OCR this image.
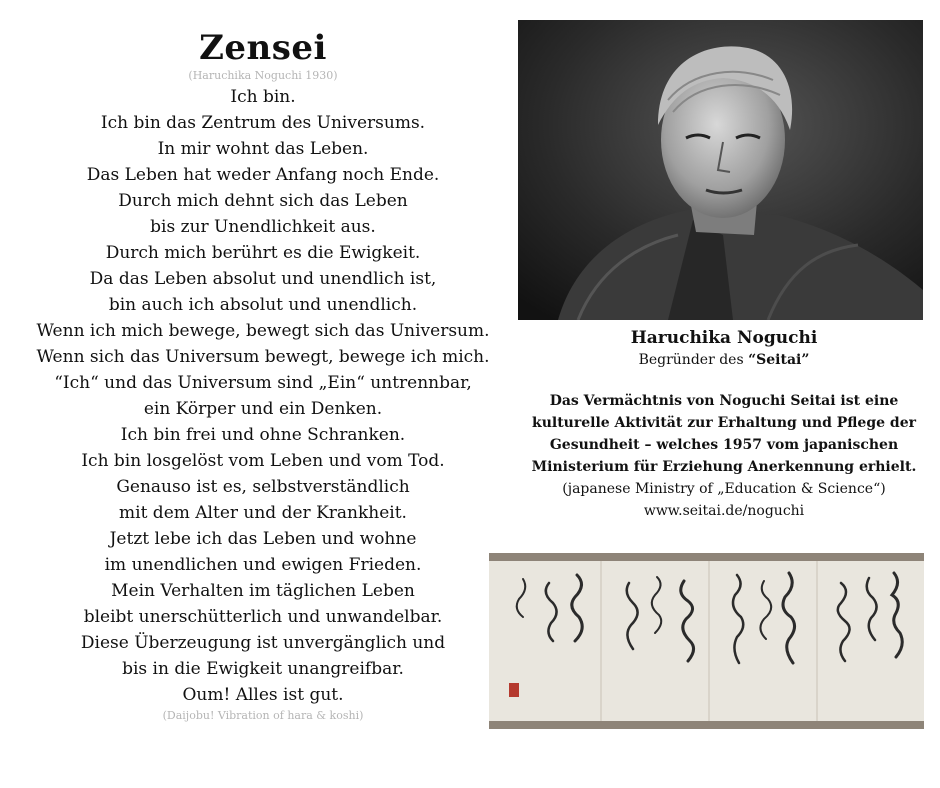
Zensei
(Haruchika Noguchi 1930)
Ich bin.
Ich bin das Zentrum des Universums.
In mir wohnt das Leben.
Das Leben hat weder Anfang noch Ende.
Durch mich dehnt sich das Leben
bis zur Unendlichkeit aus.
Durch mich berührt es die Ewigkeit.
Da das Leben absolut und unendlich ist,
bin auch ich absolut und unendlich.
Wenn ich mich bewege, bewegt sich das Universum.
Wenn sich das Universum bewegt, bewege ich mich.
“Ich“ und das Universum sind „Ein“ untrennbar,
ein Körper und ein Denken.
Ich bin frei und ohne Schranken.
Ich bin losgelöst vom Leben und vom Tod.
Genauso ist es, selbstverständlich
mit dem Alter und der Krankheit.
Jetzt lebe ich das Leben und wohne
im unendlichen und ewigen Frieden.
Mein Verhalten im täglichen Leben
bleibt unerschütterlich und unwandelbar.
Diese Überzeugung ist unvergänglich und
bis in die Ewigkeit unangreifbar.
Oum! Alles ist gut.
(Daijobu! Vibration of hara & koshi)
Haruchika Noguchi
Begründer des “Seitai”
Das Vermächtnis von Noguchi Seitai ist eine kulturelle Aktivität zur Erhaltung und Pflege der Gesundheit – welches 1957 vom japanischen Ministerium für Erziehung Anerkennung erhielt.
(japanese Ministry of „Education & Science“)
www.seitai.de/noguchi
